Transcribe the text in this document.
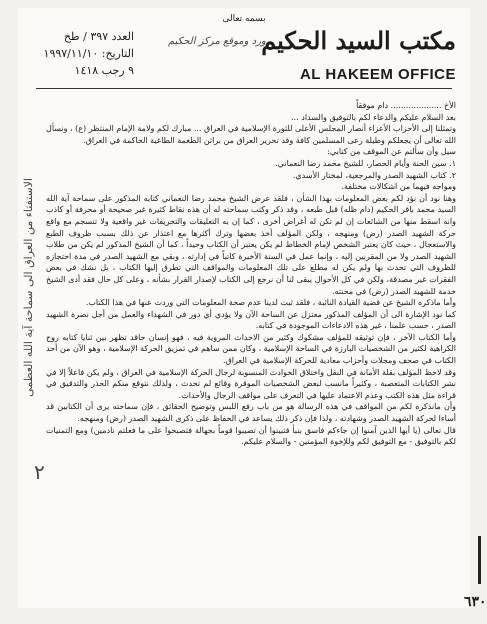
بسمه تعالى
مكتب السيد الحكيم
AL HAKEEM OFFICE
ورد وموقع مركز الحكيم
العدد ٣٩٧ / طخ
التاريخ: ١٩٩٧/١١/١٠
٩ رجب ١٤١٨

الأخ .................... دام موفقاً

بعد السلام عليكم والدعاء لكم بالتوفيق والسداد ...

وتمثلنا إلى الأحزاب الأعزاء أنصار المجلس الأعلى للثورة الإسلامية في العراق ... مبارك لكم ولامة الإمام المنتظر (ع) ، ونسأل الله تعالى أن يجعلكم وطيلة رعى المسلمين كافة وقد تحرير العراق من براثن الطغمة الطاغية الحاكمة في العراق.

سيل وأن سألتم عن الموقف من كتابي:

١. سين الحنة وأيام الحصار، للشيخ محمد رضا النعماني.

٢. كتاب الشهيد الصدر والمرجعية، لمختار الأسدي.

ومواجه فيهما من اشكالات مختلفة.

وهنا نود أن نؤد لكم بعض المعلومات بهذا الشأن ، فلقد عرض الشيخ محمد رضا النعماني كتابه المذكور على سماحة آية الله السيد محمد باقر الحكيم (دام ظله) قبل طبعه ، وقد ذكر وكتب سماحته له أن هذه نقاط كثيرة غير صحيحة أو محرفة أو كاذب وانه اسقط منها من الشائعات إن لم تكن له أغراض أخرى ، كما إن به التعليقات والتحريفات غير واقعية ولا تنسجم مع واقع حركة الشهيد الصدر (رض) ومنهجه ، ولكن المؤلف أخذ بعضها وترك أكثرها مع اعتذار عن ذلك بسبب ظروف الطبع والاستعجال ، حيث كان يعتبر الشخص لإمام الخطاط لم يكن يعتبر أن الكتاب وحيداً ، كما أن الشيخ المذكور لم يكن من طلاب الشهيد الصدر ولا من المقربين إليه ، وإنما عمل في السنة الأخيرة كاتباً في إدارته ، وبقي مع الشهيد الصدر في مدة احتجازه للظروف التي تحدث بها ولم يكن له مطلع على تلك المعلومات والمواقف التي تطرق إليها الكتاب ، بل نشك في بعض الفقرات غير مصدقة، ولكن في كل الأحوال يبقى لنا أن نرجع إلى الكتاب لإصدار القرار بشأنه ، وعلى كل حال فقد أدى الشيخ خدمة للشهيد الصدر (رض) في محنته.

وأما ماذكره الشيخ عن قضية القيادة النائبة ، فلقد ثبت لدينا عدم صحة المعلومات التي وردت عنها في هذا الكتاب.

كما نود الإشارة الى أن المؤلف المذكور معتزل عن الساحة الآن ولا يؤدي أي دور في الشهداء والعمل من أجل نصرة الشهيد الصدر ، حسب علمنا ، غير هذه الادعاءات الموجودة في كتابه.

وأما الكتاب الآخر ، فإن توثيقه للمؤلف مشكوك وكثير من الاحداث المروية فيه ، فهو إنسان حاقد تظهر بين ثنايا كتابه روح الكراهية لكثير من الشخصيات البارزة في الساحة الإسلامية ، وكان ممن ساهم في تمزيق الحركة الإسلامية ، وهو الآن من أحد الكتاب في صحف ومجلات وأحزاب معادية للحركة الإسلامية في العراق.

وقد لاحظ المؤلف بقلة الأمانة في النقل واختلاق الحوادث المنسوبة لرجال الحركة الإسلامية في العراق ، ولم يكن فاعلاً إلا في نشر الكتابات المتعصبة ، وكثيراً مانسب لبعض الشخصيات الموقرة وقائع لم تحدث ، ولذلك نتوقع منكم الحذر والتدقيق في قراءة مثل هذه الكتب وعدم الاعتماد عليها في التعرف على مواقف الرجال والأحداث.

وأن مانذكره لكم من المواقف في هذه الرسالة هو من باب رفع اللبس وتوضيح الحقائق ، فإن سماحته يرى أن الكتابين قد أساءا لحركة الشهيد الصدر وشهادته ، ولذا فإن ذكر ذلك يساعد في الحفاظ على ذكرى الشهيد الصدر (رض) ومنهجه.

قال تعالى (يا أيها الذين آمنوا إن جاءكم فاسق بنبأ فتبينوا أن تصيبوا قوماً بجهالة فتصبحوا على ما فعلتم نادمين) ومع التمنيات لكم بالتوفيق - مع التوفيق لكم وللإخوة المؤمنين - والسلام عليكم.

الاستفتاء من العراق الى سماحة آية الله العظمى
٢
٦٣٠
